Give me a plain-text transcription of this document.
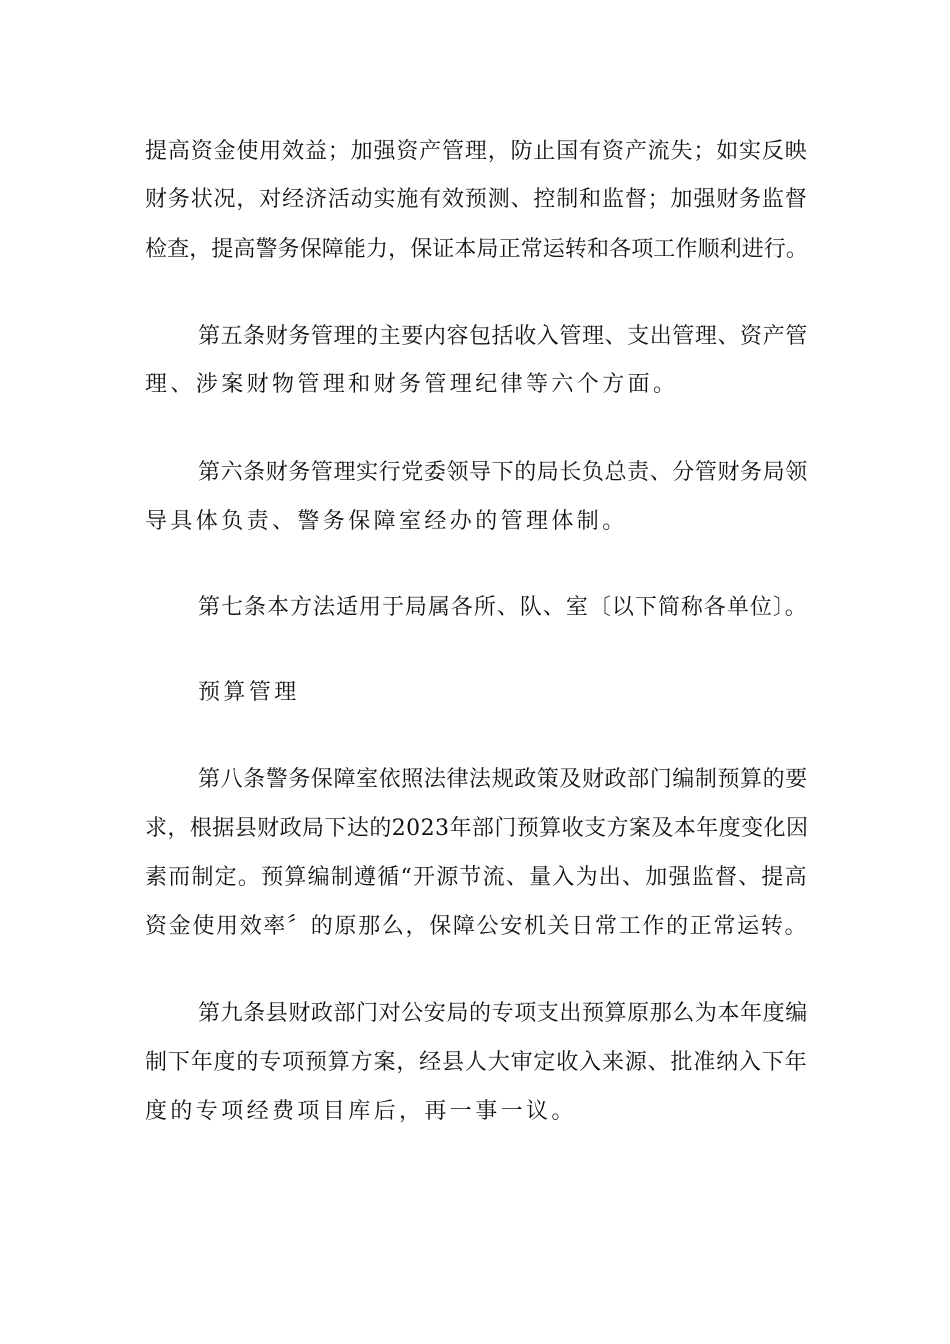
提高资金使用效益；加强资产管理，防止国有资产流失；如实反映
财务状况，对经济活动实施有效预测、控制和监督；加强财务监督
检查，提高警务保障能力，保证本局正常运转和各项工作顺利进行。
第五条财务管理的主要内容包括收入管理、支出管理、资产管
理、涉案财物管理和财务管理纪律等六个方面。
第六条财务管理实行党委领导下的局长负总责、分管财务局领
导具体负责、警务保障室经办的管理体制。
第七条本方法适用于局属各所、队、室〔以下简称各单位〕。
预算管理
第八条警务保障室依照法律法规政策及财政部门编制预算的要
求，根据县财政局下达的2023年部门预算收支方案及本年度变化因
素而制定。预算编制遵循“开源节流、量入为出、加强监督、提高
资金使用效率〞的原那么，保障公安机关日常工作的正常运转。
第九条县财政部门对公安局的专项支出预算原那么为本年度编
制下年度的专项预算方案，经县人大审定收入来源、批准纳入下年
度的专项经费项目库后，再一事一议。
